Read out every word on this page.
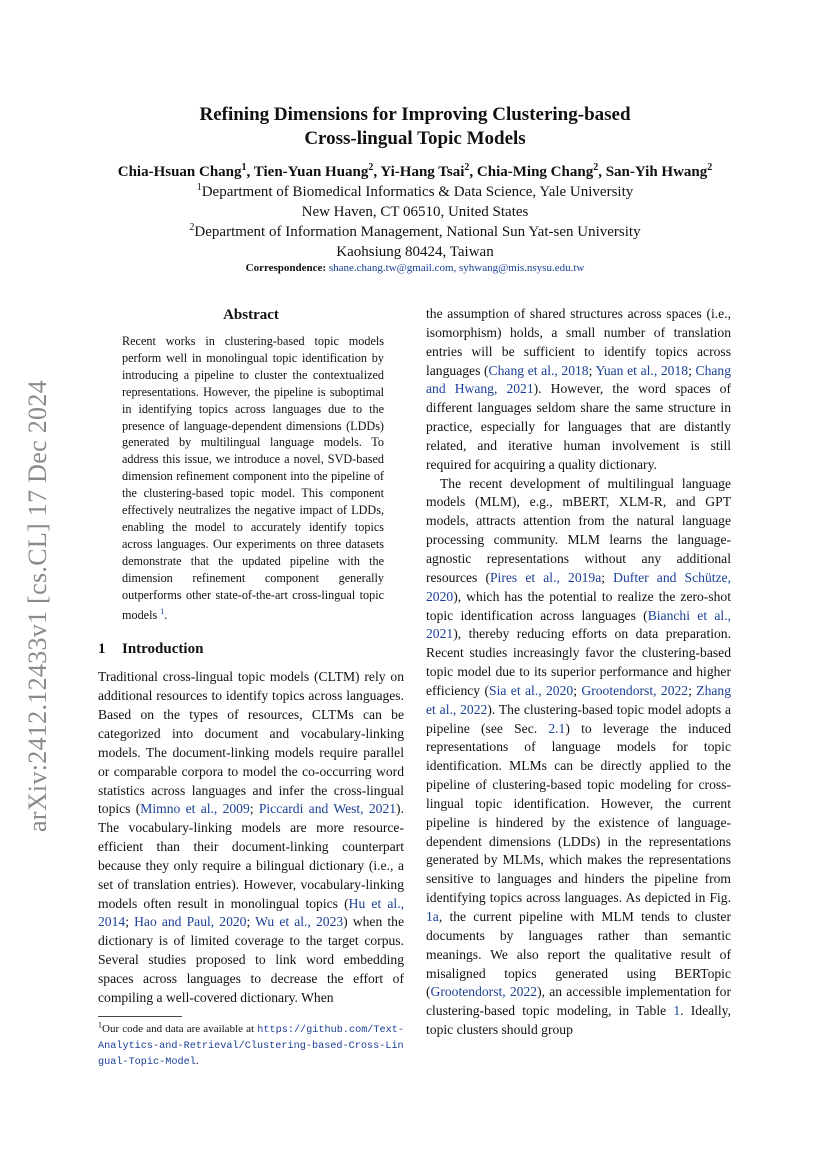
arXiv:2412.12433v1 [cs.CL] 17 Dec 2024
Refining Dimensions for Improving Clustering-based
Cross-lingual Topic Models
Chia-Hsuan Chang$^1$, Tien-Yuan Huang$^2$, Yi-Hang Tsai$^2$, Chia-Ming Chang$^2$, San-Yih Hwang$^2$
$^1$Department of Biomedical Informatics & Data Science, Yale University
New Haven, CT 06510, United States
$^2$Department of Information Management, National Sun Yat-sen University
Kaohsiung 80424, Taiwan
Correspondence: shane.chang.tw@gmail.com, syhwang@mis.nsysu.edu.tw
Abstract
Recent works in clustering-based topic models perform well in monolingual topic identification by introducing a pipeline to cluster the contextualized representations. However, the pipeline is suboptimal in identifying topics across languages due to the presence of language-dependent dimensions (LDDs) generated by multilingual language models. To address this issue, we introduce a novel, SVD-based dimension refinement component into the pipeline of the clustering-based topic model. This component effectively neutralizes the negative impact of LDDs, enabling the model to accurately identify topics across languages. Our experiments on three datasets demonstrate that the updated pipeline with the dimension refinement component generally outperforms other state-of-the-art cross-lingual topic models $^1$.
1 Introduction
Traditional cross-lingual topic models (CLTM) rely on additional resources to identify topics across languages. Based on the types of resources, CLTMs can be categorized into document and vocabulary-linking models. The document-linking models require parallel or comparable corpora to model the co-occurring word statistics across languages and infer the cross-lingual topics (Mimno et al., 2009; Piccardi and West, 2021). The vocabulary-linking models are more resource-efficient than their document-linking counterpart because they only require a bilingual dictionary (i.e., a set of translation entries). However, vocabulary-linking models often result in monolingual topics (Hu et al., 2014; Hao and Paul, 2020; Wu et al., 2023) when the dictionary is of limited coverage to the target corpus. Several studies proposed to link word embedding spaces across languages to decrease the effort of compiling a well-covered dictionary. When
$^1$Our code and data are available at https://github.com/Text-Analytics-and-Retrieval/Clustering-based-Cross-Lingual-Topic-Model.
the assumption of shared structures across spaces (i.e., isomorphism) holds, a small number of translation entries will be sufficient to identify topics across languages (Chang et al., 2018; Yuan et al., 2018; Chang and Hwang, 2021). However, the word spaces of different languages seldom share the same structure in practice, especially for languages that are distantly related, and iterative human involvement is still required for acquiring a quality dictionary.
The recent development of multilingual language models (MLM), e.g., mBERT, XLM-R, and GPT models, attracts attention from the natural language processing community. MLM learns the language-agnostic representations without any additional resources (Pires et al., 2019a; Dufter and Schütze, 2020), which has the potential to realize the zero-shot topic identification across languages (Bianchi et al., 2021), thereby reducing efforts on data preparation. Recent studies increasingly favor the clustering-based topic model due to its superior performance and higher efficiency (Sia et al., 2020; Grootendorst, 2022; Zhang et al., 2022). The clustering-based topic model adopts a pipeline (see Sec. 2.1) to leverage the induced representations of language models for topic identification. MLMs can be directly applied to the pipeline of clustering-based topic modeling for cross-lingual topic identification. However, the current pipeline is hindered by the existence of language-dependent dimensions (LDDs) in the representations generated by MLMs, which makes the representations sensitive to languages and hinders the pipeline from identifying topics across languages. As depicted in Fig. 1a, the current pipeline with MLM tends to cluster documents by languages rather than semantic meanings. We also report the qualitative result of misaligned topics generated using BERTopic (Grootendorst, 2022), an accessible implementation for clustering-based topic modeling, in Table 1. Ideally, topic clusters should group
